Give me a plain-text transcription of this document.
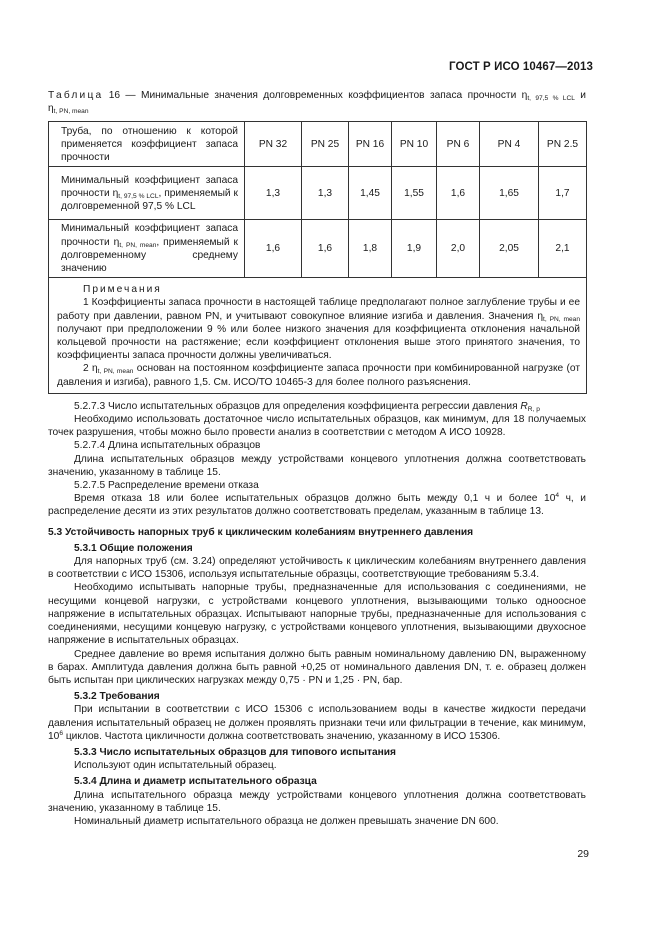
ГОСТ Р ИСО 10467—2013
Таблица 16 — Минимальные значения долговременных коэффициентов запаса прочности $\eta_{t, 97,5 \% LCL}$ и
$\eta_{t, PN, mean}$
Труба, по отношению к которой применяется коэффициент запаса прочности	PN 32	PN 25	PN 16	PN 10	PN 6	PN 4	PN 2.5
Минимальный коэффициент запаса прочности $\eta_{t, 97,5 \% LCL}$, применяемый к долговременной 97,5 % LCL	1,3	1,3	1,45	1,55	1,6	1,65	1,7
Минимальный коэффициент запаса прочности $\eta_{t, PN, mean}$, применяемый к долговременному среднему значению	1,6	1,6	1,8	1,9	2,0	2,05	2,1

Примечания

1 Коэффициенты запаса прочности в настоящей таблице предполагают полное заглубление трубы и ее работу при давлении, равном PN, и учитывают совокупное влияние изгиба и давления. Значения $\eta_{t, PN, mean}$ получают при предположении 9 % или более низкого значения для коэффициента отклонения начальной кольцевой прочности на растяжение; если коэффициент отклонения выше этого принятого значения, то коэффициенты запаса прочности должны увеличиваться.

2 $\eta_{t, PN, mean}$ основан на постоянном коэффициенте запаса прочности при комбинированной нагрузке (от давления и изгиба), равного 1,5. См. ИСО/ТО 10465-3 для более полного разъяснения.							

5.2.7.3 Число испытательных образцов для определения коэффициента регрессии давления $R_{R, p}$

Необходимо использовать достаточное число испытательных образцов, как минимум, для 18 получаемых точек разрушения, чтобы можно было провести анализ в соответствии с методом А ИСО 10928.

5.2.7.4 Длина испытательных образцов

Длина испытательных образцов между устройствами концевого уплотнения должна соответствовать значению, указанному в таблице 15.

5.2.7.5 Распределение времени отказа

Время отказа 18 или более испытательных образцов должно быть между 0,1 ч и более $10^4$ ч, и распределение десяти из этих результатов должно соответствовать пределам, указанным в таблице 13.

5.3 Устойчивость напорных труб к циклическим колебаниям внутреннего давления
5.3.1 Общие положения

Для напорных труб (см. 3.24) определяют устойчивость к циклическим колебаниям внутреннего давления в соответствии с ИСО 15306, используя испытательные образцы, соответствующие требованиям 5.3.4.

Необходимо испытывать напорные трубы, предназначенные для использования с соединениями, не несущими концевой нагрузки, с устройствами концевого уплотнения, вызывающими только одноосное напряжение в испытательных образцах. Испытывают напорные трубы, предназначенные для использования с соединениями, несущими концевую нагрузку, с устройствами концевого уплотнения, вызывающими двухосное напряжение в испытательных образцах.

Среднее давление во время испытания должно быть равным номинальному давлению DN, выраженному в барах. Амплитуда давления должна быть равной +0,25 от номинального давления DN, т. е. образец должен быть испытан при циклических нагрузках между 0,75 · PN и 1,25 · PN, бар.

5.3.2 Требования

При испытании в соответствии с ИСО 15306 с использованием воды в качестве жидкости передачи давления испытательный образец не должен проявлять признаки течи или фильтрации в течение, как минимум, $10^6$ циклов. Частота цикличности должна соответствовать значению, указанному в ИСО 15306.

5.3.3 Число испытательных образцов для типового испытания

Используют один испытательный образец.

5.3.4 Длина и диаметр испытательного образца

Длина испытательного образца между устройствами концевого уплотнения должна соответствовать значению, указанному в таблице 15.

Номинальный диаметр испытательного образца не должен превышать значение DN 600.

29
